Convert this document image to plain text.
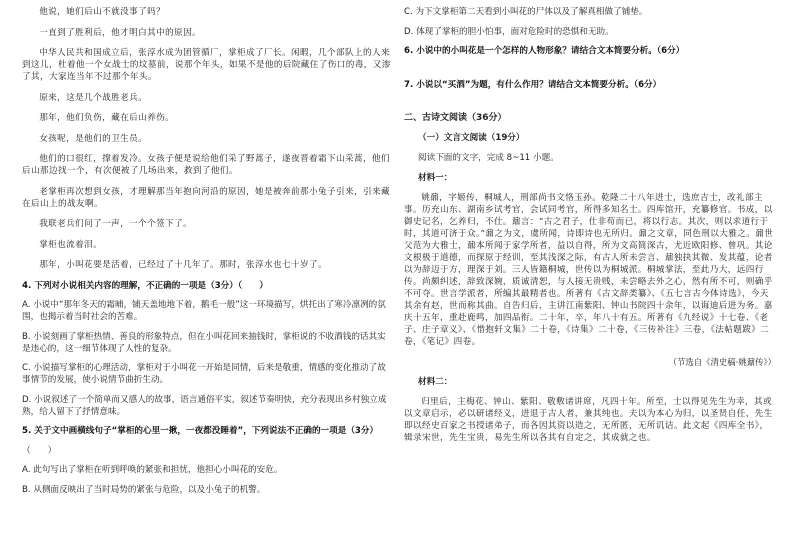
他说，她们后山不就没事了吗？

一直到了胜利后，他才明白其中的原因。

中华人民共和国成立后，张淳水成为团管循厂，掌柜成了厂长。闲暇，几个部队上的人来到这儿，杜着他一个女战士的坟墓前，说那个年头，如果不是他的后院藏住了伤口的毒，又渗了其，大家连当年不过那个年头。

原来，这是几个战胜老兵。

那年，他们负伤，藏在后山养伤。

女孩呢，是他们的卫生员。

他们的口很红，撑着发冷。女孩子便是说给他们采了野蒿子，遂夜晋着霜下山采蒿，他们后山那边找一个，有次便被了几场出来，救到了他们。

老掌柜再次想到女孩，才理解那当年抱向河沿的原因，她是被奔前那小兔子引来，引来藏在后山上的战友啊。

我联老兵们问了一声，一个个签下了。

掌柜也流着泪。

那年，小叫花要是活着，已经过了十几年了。那时，张淳水也七十岁了。

4. 下列对小说相关内容的理解，不正确的一项是（3分）（　　）

A. 小说中“那年冬天的霜晡，铺天盖地地下着，鹅毛一般”这一环境描写，烘托出了寒冷凛冽的氛围，也揭示着当时社会的苦难。

B. 小说刻画了掌柜热情、善良的形象特点，但在小叫花回来抽钱时，掌柜说的不收酒钱的话其实是违心的，这一细节体现了人性的复杂。

C. 小说描写掌柜的心理活动，掌柜对于小叫花一开始是同情，后来是敬重，情感的变化推动了故事情节的发展，使小说情节曲折生动。

D. 小说叙述了一个简单而又感人的故事，语言通俗平实，叙述节奏明快，充分表现出乡村独立成熟，给人留下了抒情意味。

5. 关于文中画横线句子“掌柜的心里一揪，一夜都没睡着”，下列说法不正确的一项是（3分）

（　　）

A. 此句写出了掌柜在听到呼唤的紧张和担忧，他担心小叫花的安危。

B. 从侧面反映出了当时局势的紧张与危险，以及小兔子的机警。

C. 为下文掌柜第二天看到小叫花的尸体以及了解真相做了铺垫。

D. 体现了掌柜的胆小怕事，面对危险时的恐惧和无助。

6. 小说中的小叫花是一个怎样的人物形象？请结合文本简要分析。（6分）

7. 小说以“买酒”为题，有什么作用？请结合文本简要分析。（6分）

二、古诗文阅读（36分）

（一）文言文阅读（19分）

阅读下面的文字，完成 8~11 小题。

材料一：

姚鼐，字姬传，桐城人，刑部尚书文恪玉孙。乾隆二十八年进士，选庶吉士，改礼部主事。历充山东、湖南乡试考官，会试同考官，所得多知名士。四库馆开，充纂修官。书成，以御史记名，乞养归，不仕。鼐言：“古之君子，仕非苟而已，将以行志。其次，则以求道行于时，其道可济于众。”鼐之为文，虞所闻，诗即诗也无所归。鼐之文章，同色刑以大雅之。鼐世父范为大雅士，鼐本所闻于家学所者，益以自得，所为文高简深古，尤近欧阳修、曾巩。其论文根极于道德，而探原于经训，至其浅深之际，有古人所未尝言、鼐独抉其微、发其蕴，论者以为辞迈于方，理深于刘。三人皆籍桐城，世传以为桐城派。桐城掌法，至此乃大，远四行传。尚颇纠述，辞致深婉，质诚清恕，与人接无贵贱，未尝略去外之心，然有所不可，则确乎不可夺。世言学派者，所编其最精者也。所著有《古文辞类纂》、《五七言古今体诗选》，今天其余有赵，世而称其曲。自告归后，主讲江南紫阳、钟山书院四十余年，以诲迪后进为务。嘉庆十五年，重赴鹿鸣，加四品衔。二十年，卒，年八十有五。所著有《九经说》十七卷、《老子、庄子章义》、《惜抱轩文集》二十卷，《诗集》二十卷，《三传补注》三卷，《法帖题跋》二卷，《笔记》四卷。

（节选自《清史稿·姚鼐传》）

材料二：

归里后，主梅花、钟山、紫阳、敬敷诸讲席，凡四十年。所至，士以得见先生为幸，其或以文章启示，必以研诸经义，进退于古人者，兼其纯也。夫以为本心为归，以圣贤自任，先生即以经史百家之书授诸弟子，而各因其资以造之，无所匿，无所讥诘。此文起《四库全书》，辑录宋世，先生宝贵，易先生所以各其有自定之，其成就之也。
